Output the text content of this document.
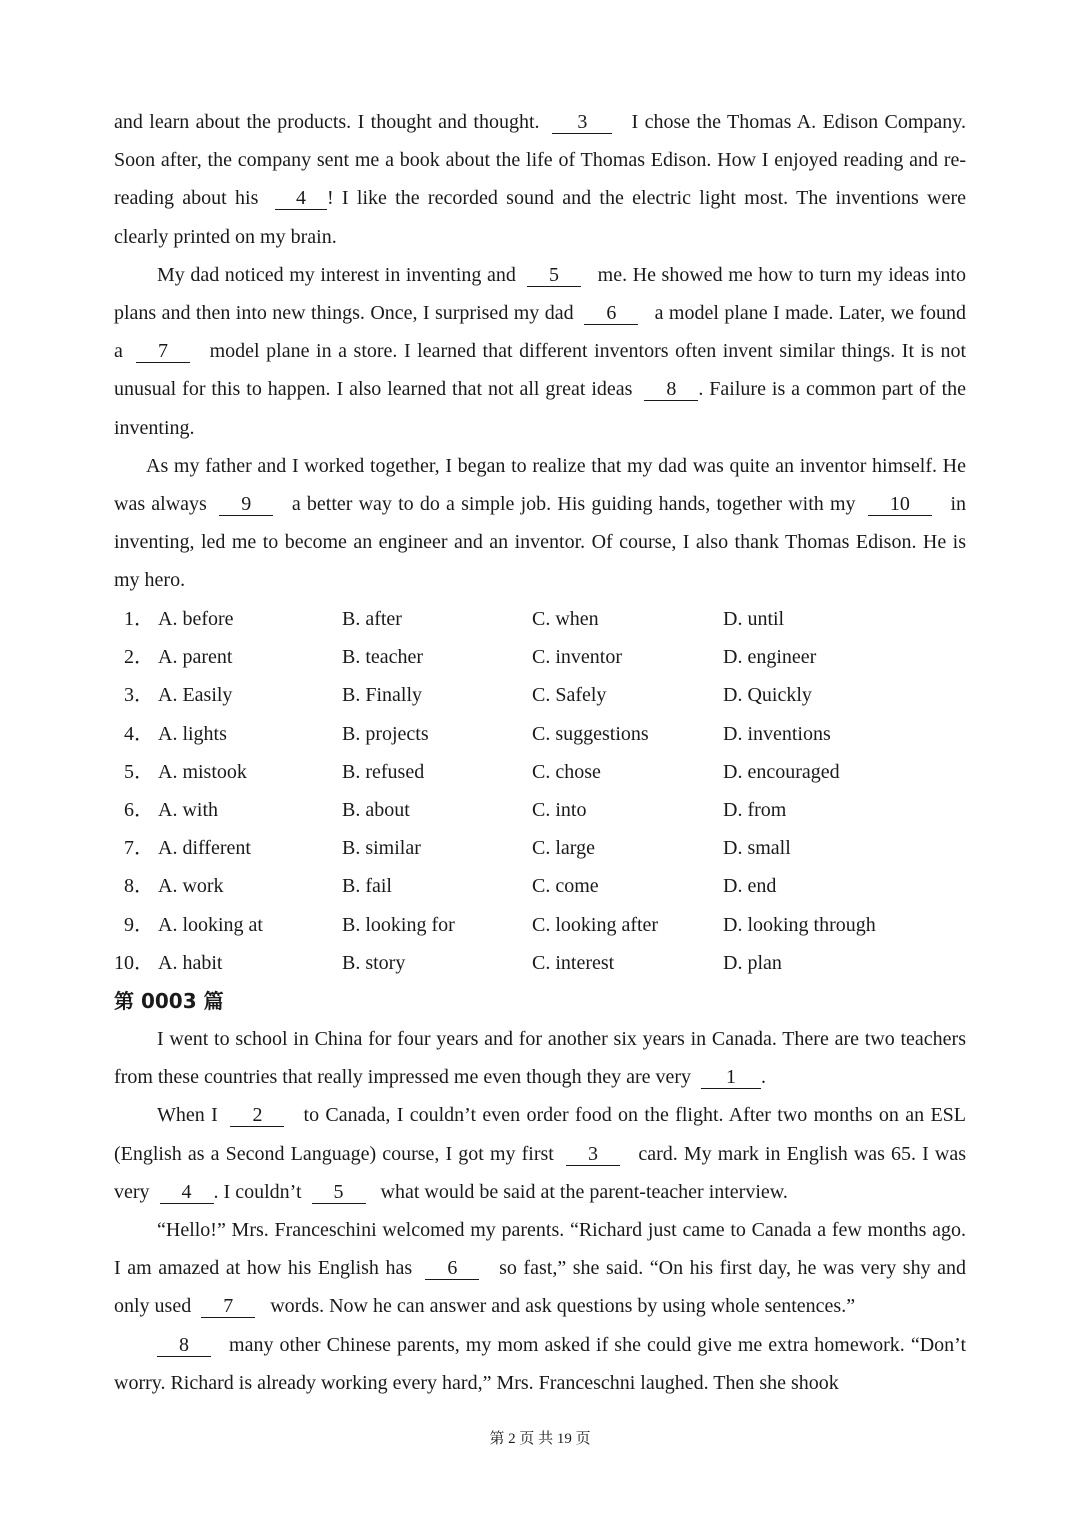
and learn about the products. I thought and thought. 3 I chose the Thomas A. Edison Company. Soon after, the company sent me a book about the life of Thomas Edison. How I enjoyed reading and re-reading about his 4 ! I like the recorded sound and the electric light most. The inventions were clearly printed on my brain.

My dad noticed my interest in inventing and 5 me. He showed me how to turn my ideas into plans and then into new things. Once, I surprised my dad 6 a model plane I made. Later, we found a 7 model plane in a store. I learned that different inventors often invent similar things. It is not unusual for this to happen. I also learned that not all great ideas 8 . Failure is a common part of the inventing.

As my father and I worked together, I began to realize that my dad was quite an inventor himself. He was always 9 a better way to do a simple job. His guiding hands, together with my 10 in inventing, led me to become an engineer and an inventor. Of course, I also thank Thomas Edison. He is my hero.

1． A. before	B. after	C. when	D. until
2． A. parent	B. teacher	C. inventor	D. engineer
3． A. Easily	B. Finally	C. Safely	D. Quickly
4． A. lights	B. projects	C. suggestions	D. inventions
5． A. mistook	B. refused	C. chose	D. encouraged
6． A. with	B. about	C. into	D. from
7． A. different	B. similar	C. large	D. small
8． A. work	B. fail	C. come	D. end
9． A. looking at	B. looking for	C. looking after	D. looking through
10． A. habit	B. story	C. interest	D. plan
第 0003 篇

I went to school in China for four years and for another six years in Canada. There are two teachers from these countries that really impressed me even though they are very 1 .

When I 2 to Canada, I couldn’t even order food on the flight. After two months on an ESL (English as a Second Language) course, I got my first 3 card. My mark in English was 65. I was very 4 . I couldn’t 5 what would be said at the parent-teacher interview.

“Hello!” Mrs. Franceschini welcomed my parents. “Richard just came to Canada a few months ago. I am amazed at how his English has 6 so fast,” she said. “On his first day, he was very shy and only used 7 words. Now he can answer and ask questions by using whole sentences.”

8 many other Chinese parents, my mom asked if she could give me extra homework. “Don’t worry. Richard is already working every hard,” Mrs. Franceschni laughed. Then she shook

第 2 页 共 19 页
